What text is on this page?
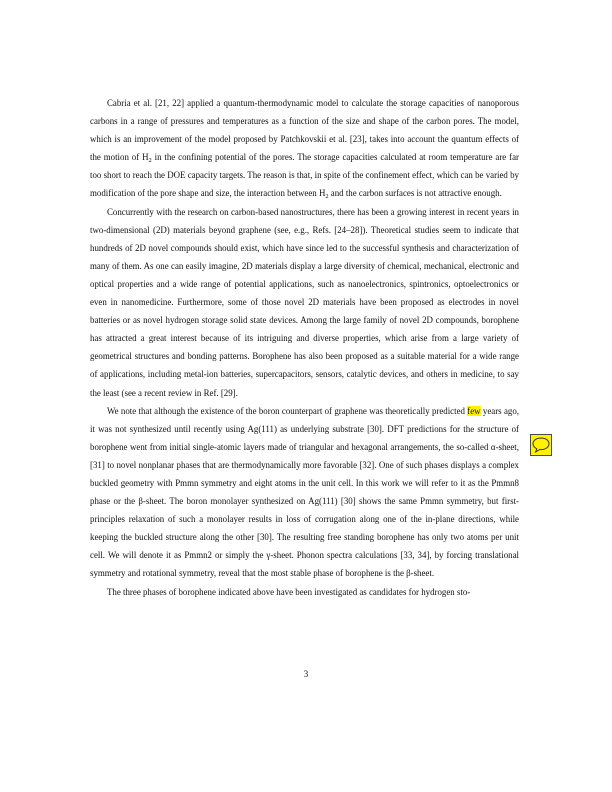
Cabria et al. [21, 22] applied a quantum-thermodynamic model to calculate the storage capacities of nanoporous carbons in a range of pressures and temperatures as a function of the size and shape of the carbon pores. The model, which is an improvement of the model proposed by Patchkovskii et al. [23], takes into account the quantum effects of the motion of $H_2$ in the confining potential of the pores. The storage capacities calculated at room temperature are far too short to reach the DOE capacity targets. The reason is that, in spite of the confinement effect, which can be varied by modification of the pore shape and size, the interaction between $H_2$ and the carbon surfaces is not attractive enough.

Concurrently with the research on carbon-based nanostructures, there has been a growing interest in recent years in two-dimensional (2D) materials beyond graphene (see, e.g., Refs. [24–28]). Theoretical studies seem to indicate that hundreds of 2D novel compounds should exist, which have since led to the successful synthesis and characterization of many of them. As one can easily imagine, 2D materials display a large diversity of chemical, mechanical, electronic and optical properties and a wide range of potential applications, such as nanoelectronics, spintronics, optoelectronics or even in nanomedicine. Furthermore, some of those novel 2D materials have been proposed as electrodes in novel batteries or as novel hydrogen storage solid state devices. Among the large family of novel 2D compounds, borophene has attracted a great interest because of its intriguing and diverse properties, which arise from a large variety of geometrical structures and bonding patterns. Borophene has also been proposed as a suitable material for a wide range of applications, including metal-ion batteries, supercapacitors, sensors, catalytic devices, and others in medicine, to say the least (see a recent review in Ref. [29].

We note that although the existence of the boron counterpart of graphene was theoretically predicted few years ago, it was not synthesized until recently using Ag(111) as underlying substrate [30]. DFT predictions for the structure of borophene went from initial single-atomic layers made of triangular and hexagonal arrangements, the so-called α-sheet, [31] to novel nonplanar phases that are thermodynamically more favorable [32]. One of such phases displays a complex buckled geometry with Pmmn symmetry and eight atoms in the unit cell. In this work we will refer to it as the Pmmn8 phase or the β-sheet. The boron monolayer synthesized on Ag(111) [30] shows the same Pmmn symmetry, but first-principles relaxation of such a monolayer results in loss of corrugation along one of the in-plane directions, while keeping the buckled structure along the other [30]. The resulting free standing borophene has only two atoms per unit cell. We will denote it as Pmmn2 or simply the γ-sheet. Phonon spectra calculations [33, 34], by forcing translational symmetry and rotational symmetry, reveal that the most stable phase of borophene is the β-sheet.

The three phases of borophene indicated above have been investigated as candidates for hydrogen sto-

3
